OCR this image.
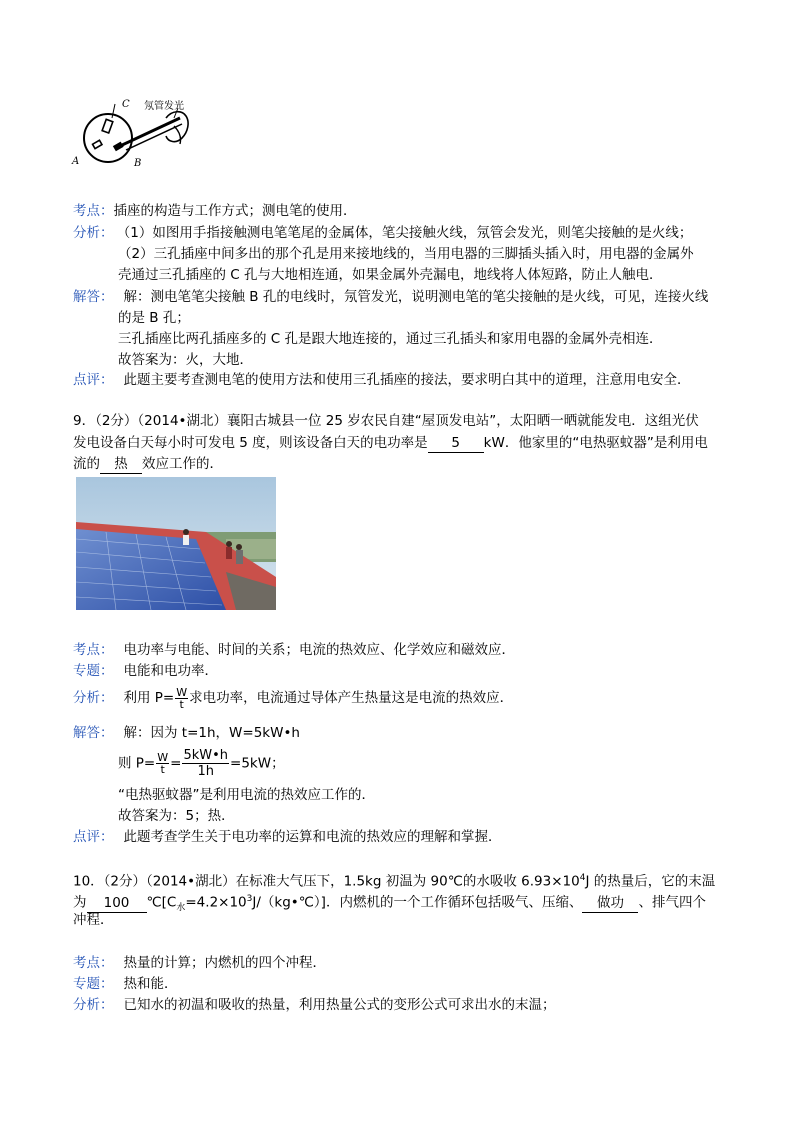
C
A	B
氖管发光
考点：插座的构造与工作方式；测电笔的使用．
分析： （1）如图用手指接触测电笔笔尾的金属体，笔尖接触火线，氖管会发光，则笔尖接触的是火线；
（2）三孔插座中间多出的那个孔是用来接地线的，当用电器的三脚插头插入时，用电器的金属外
壳通过三孔插座的 C 孔与大地相连通，如果金属外壳漏电，地线将人体短路，防止人触电．
解答： 解：测电笔笔尖接触 B 孔的电线时，氖管发光，说明测电笔的笔尖接触的是火线，可见，连接火线
的是 B 孔；
三孔插座比两孔插座多的 C 孔是跟大地连接的，通过三孔插头和家用电器的金属外壳相连．
故答案为：火，大地．
点评： 此题主要考查测电笔的使用方法和使用三孔插座的接法，要求明白其中的道理，注意用电安全．
9．（2分）（2014•湖北）襄阳古城县一位 25 岁农民自建“屋顶发电站”，太阳晒一晒就能发电．这组光伏
发电设备白天每小时可发电 5 度，则该设备白天的电功率是 5 kW．他家里的“电热驱蚊器”是利用电
流的 热 效应工作的．
考点： 电功率与电能、时间的关系；电流的热效应、化学效应和磁效应．
专题： 电能和电功率．
分析： 利用 $P= \frac{W}{t}$ 求电功率，电流通过导体产生热量这是电流的热效应．
解答： 解：因为 t=1h，W=5kW•h
则 $P= \frac{W}{t} = \frac{5kW•h}{1h} =5kW$；
“电热驱蚊器”是利用电流的热效应工作的．
故答案为：5；热．
点评： 此题考查学生关于电功率的运算和电流的热效应的理解和掌握．
10．（2分）（2014•湖北）在标准大气压下，1.5kg 初温为 90℃的水吸收 $6.93\times 10^4J$ 的热量后，它的末温
为 100 $℃[C_水=4.2\times 10^3J/(kg•℃)]$．内燃机的一个工作循环包括吸气、压缩、 做功 、排气四个
冲程．
考点： 热量的计算；内燃机的四个冲程．
专题： 热和能．
分析： 已知水的初温和吸收的热量，利用热量公式的变形公式可求出水的末温；
